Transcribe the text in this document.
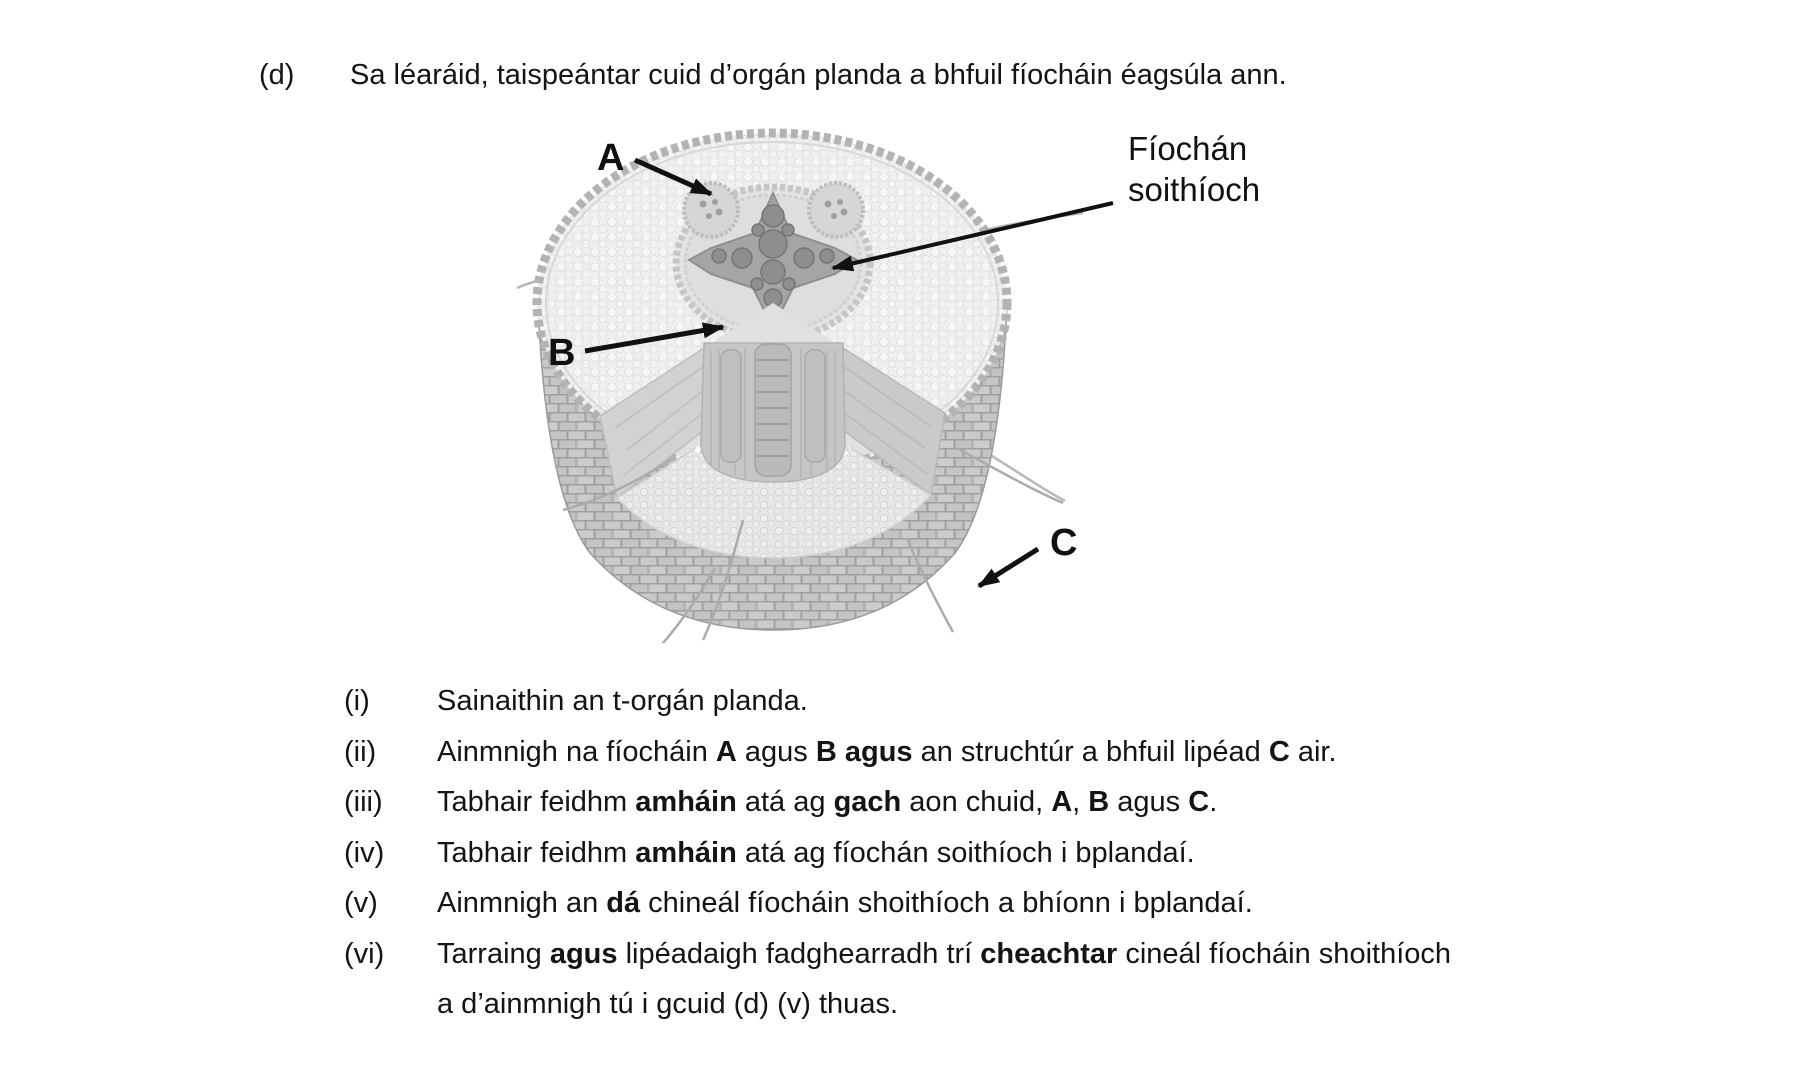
(d)	Sa léaráid, taispeántar cuid d’orgán planda a bhfuil fíocháin éagsúla ann.
A
B
C
Fíochán
soithíoch
(i)	Sainaithin an t-orgán planda.
(ii)	Ainmnigh na fíocháin A agus B agus an struchtúr a bhfuil lipéad C air.
(iii)	Tabhair feidhm amháin atá ag gach aon chuid, A, B agus C.
(iv)	Tabhair feidhm amháin atá ag fíochán soithíoch i bplandaí.
(v)	Ainmnigh an dá chineál fíocháin shoithíoch a bhíonn i bplandaí.
(vi)	Tarraing agus lipéadaigh fadghearradh trí cheachtar cineál fíocháin shoithíoch
a d’ainmnigh tú i gcuid (d) (v) thuas.
